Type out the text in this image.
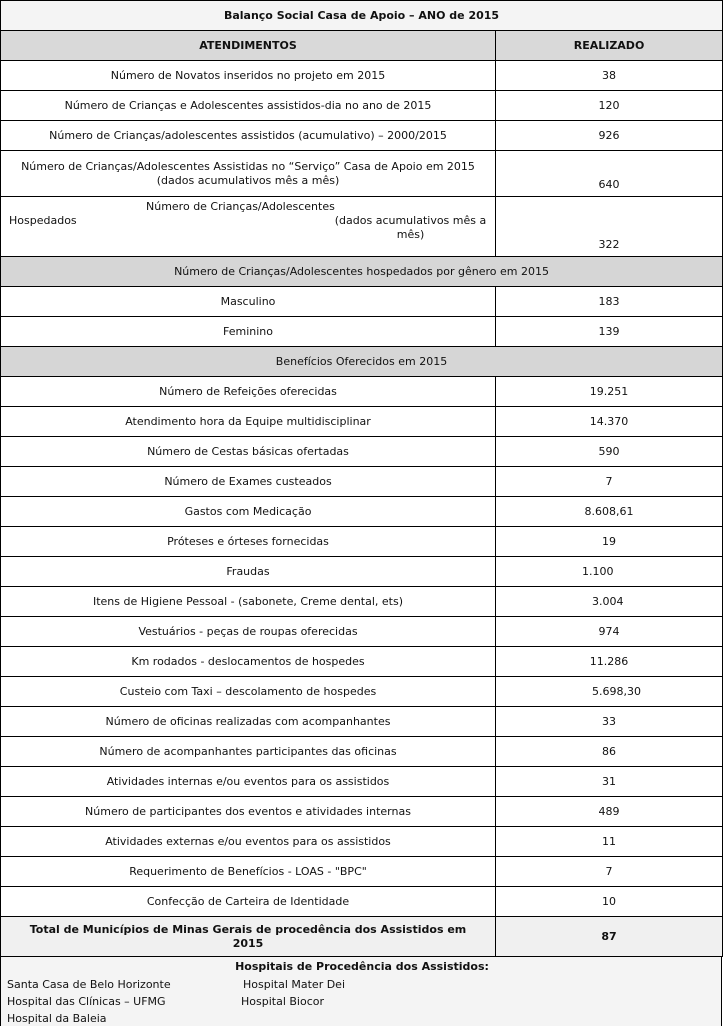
Balanço Social Casa de Apoio – ANO de 2015	
ATENDIMENTOS	REALIZADO
Número de Novatos inseridos no projeto em 2015	38
Número de Crianças e Adolescentes assistidos-dia no ano de 2015	120
Número de Crianças/adolescentes assistidos (acumulativo) – 2000/2015	926

Número de Crianças/Adolescentes Assistidas no “Serviço” Casa de Apoio em 2015
(dados acumulativos mês a mês)	640

Número de Crianças/Adolescentes
Hospedados (dados acumulativos mês a mês)	322
Número de Crianças/Adolescentes hospedados por gênero em 2015	
Masculino	183
Feminino	139
Benefícios Oferecidos em 2015	
Número de Refeições oferecidas	19.251
Atendimento hora da Equipe multidisciplinar	14.370
Número de Cestas básicas ofertadas	590
Número de Exames custeados	7
Gastos com Medicação	8.608,61
Próteses e órteses fornecidas	19
Fraudas	1.100
Itens de Higiene Pessoal - (sabonete, Creme dental, ets)	3.004
Vestuários - peças de roupas oferecidas	974
Km rodados - deslocamentos de hospedes	11.286
Custeio com Taxi – descolamento de hospedes	5.698,30
Número de oficinas realizadas com acompanhantes	33
Número de acompanhantes participantes das oficinas	86
Atividades internas e/ou eventos para os assistidos	31
Número de participantes dos eventos e atividades internas	489
Atividades externas e/ou eventos para os assistidos	11
Requerimento de Benefícios - LOAS - "BPC"	7
Confecção de Carteira de Identidade	10

Total de Municípios de Minas Gerais de procedência dos Assistidos em
2015	87
Hospitais de Procedência dos Assistidos:
Santa Casa de Belo Horizonte	Hospital Mater Dei
Hospital das Clínicas – UFMG	Hospital Biocor
Hospital da Baleia
